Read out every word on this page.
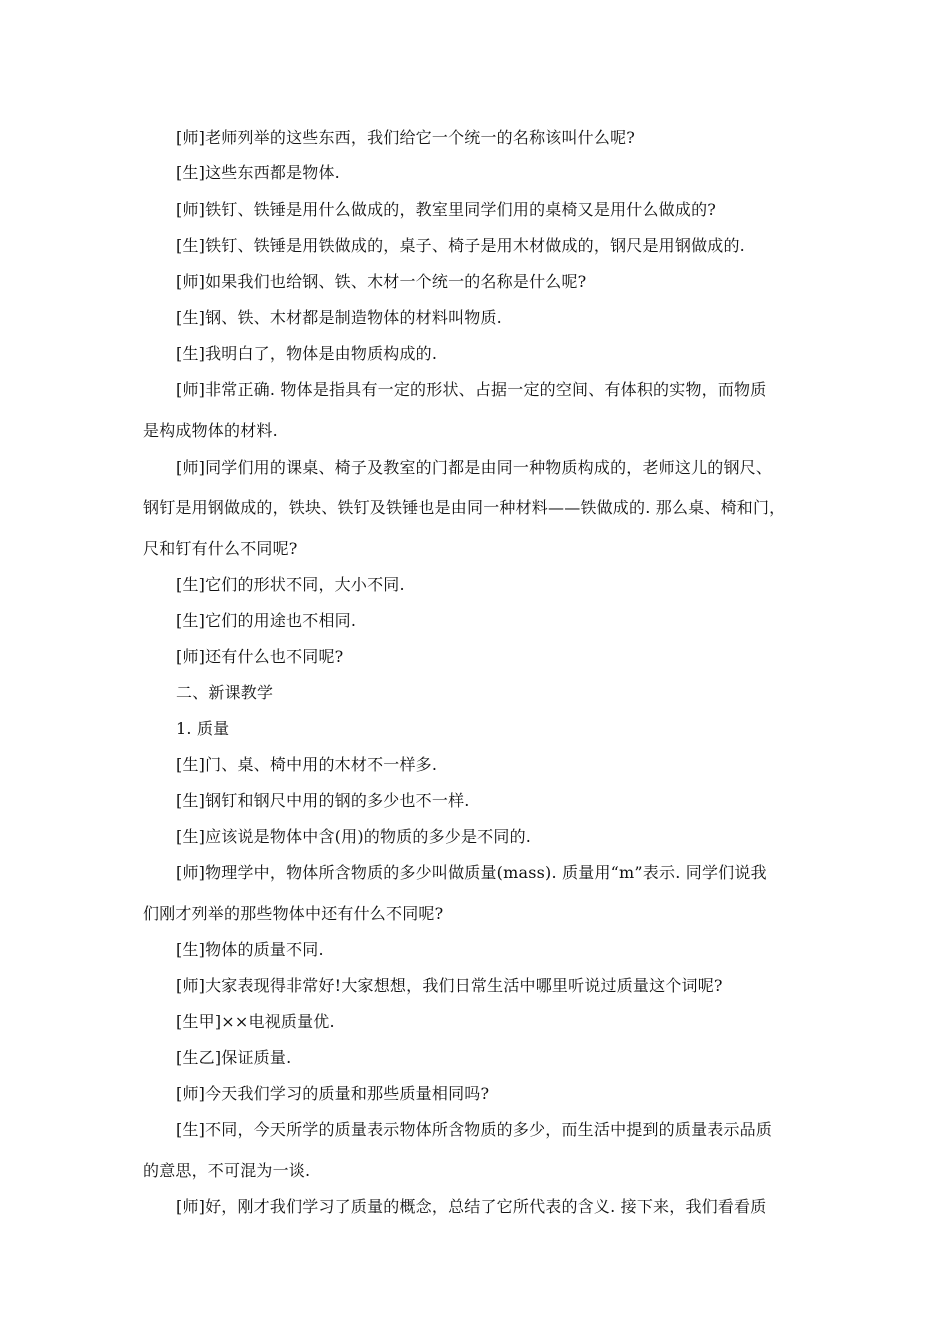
[师]老师列举的这些东西，我们给它一个统一的名称该叫什么呢?
[生]这些东西都是物体.
[师]铁钉、铁锤是用什么做成的，教室里同学们用的桌椅又是用什么做成的?
[生]铁钉、铁锤是用铁做成的，桌子、椅子是用木材做成的，钢尺是用钢做成的.
[师]如果我们也给钢、铁、木材一个统一的名称是什么呢?
[生]钢、铁、木材都是制造物体的材料叫物质.
[生]我明白了，物体是由物质构成的.
[师]非常正确. 物体是指具有一定的形状、占据一定的空间、有体积的实物，而物质
是构成物体的材料.
[师]同学们用的课桌、椅子及教室的门都是由同一种物质构成的，老师这儿的钢尺、
钢钉是用钢做成的，铁块、铁钉及铁锤也是由同一种材料——铁做成的. 那么桌、椅和门，
尺和钉有什么不同呢?
[生]它们的形状不同，大小不同.
[生]它们的用途也不相同.
[师]还有什么也不同呢?
二、新课教学
1. 质量
[生]门、桌、椅中用的木材不一样多.
[生]钢钉和钢尺中用的钢的多少也不一样.
[生]应该说是物体中含(用)的物质的多少是不同的.
[师]物理学中，物体所含物质的多少叫做质量(mass). 质量用“m”表示. 同学们说我
们刚才列举的那些物体中还有什么不同呢?
[生]物体的质量不同.
[师]大家表现得非常好!大家想想，我们日常生活中哪里听说过质量这个词呢?
[生甲]××电视质量优.
[生乙]保证质量.
[师]今天我们学习的质量和那些质量相同吗?
[生]不同，今天所学的质量表示物体所含物质的多少，而生活中提到的质量表示品质
的意思，不可混为一谈.
[师]好，刚才我们学习了质量的概念，总结了它所代表的含义. 接下来，我们看看质
